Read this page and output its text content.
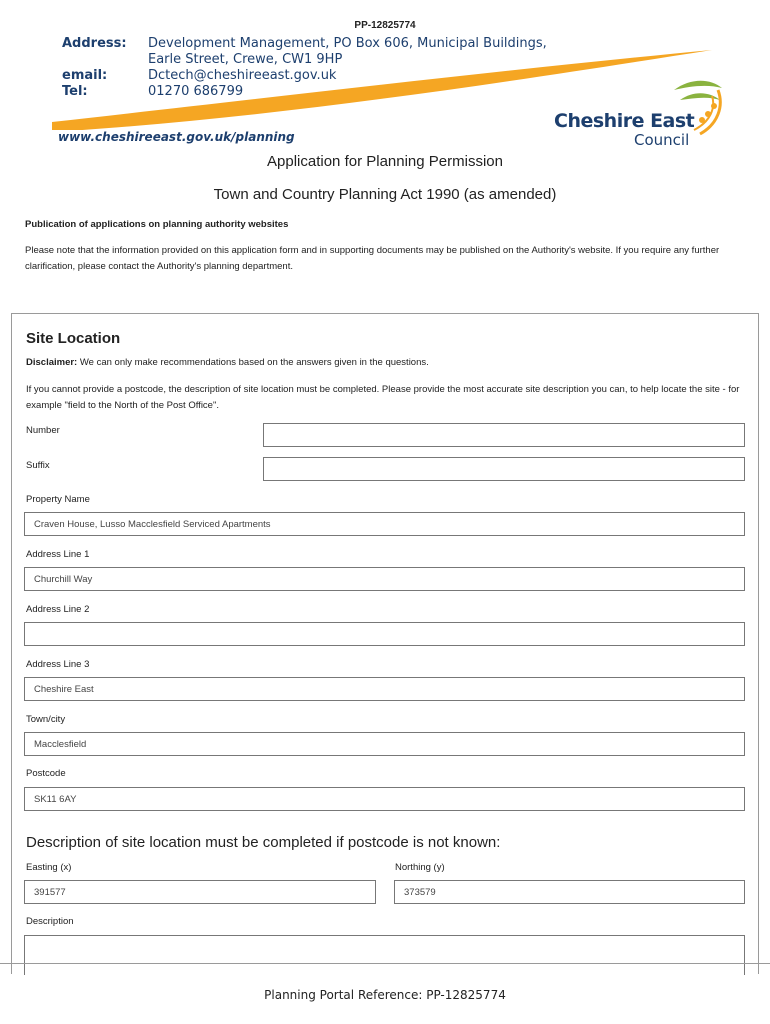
PP-12825774
Address: Development Management, PO Box 606, Municipal Buildings,
Earle Street, Crewe, CW1 9HP
email:	Dctech@cheshireeast.gov.uk
Tel:	01270 686799
www.cheshireeast.gov.uk/planning
Cheshire East
Council
Application for Planning Permission
Town and Country Planning Act 1990 (as amended)
Publication of applications on planning authority websites
Please note that the information provided on this application form and in supporting documents may be published on the Authority's website. If you require any further clarification, please contact the Authority's planning department.
Site Location
Disclaimer: We can only make recommendations based on the answers given in the questions.
If you cannot provide a postcode, the description of site location must be completed. Please provide the most accurate site description you can, to help locate the site - for example "field to the North of the Post Office".
Number
Suffix
Property Name
Craven House, Lusso Macclesfield Serviced Apartments
Address Line 1
Churchill Way
Address Line 2
Address Line 3
Cheshire East
Town/city
Macclesfield
Postcode
SK11 6AY
Description of site location must be completed if postcode is not known:
Easting (x)
391577
Northing (y)
373579
Description
Planning Portal Reference: PP-12825774
